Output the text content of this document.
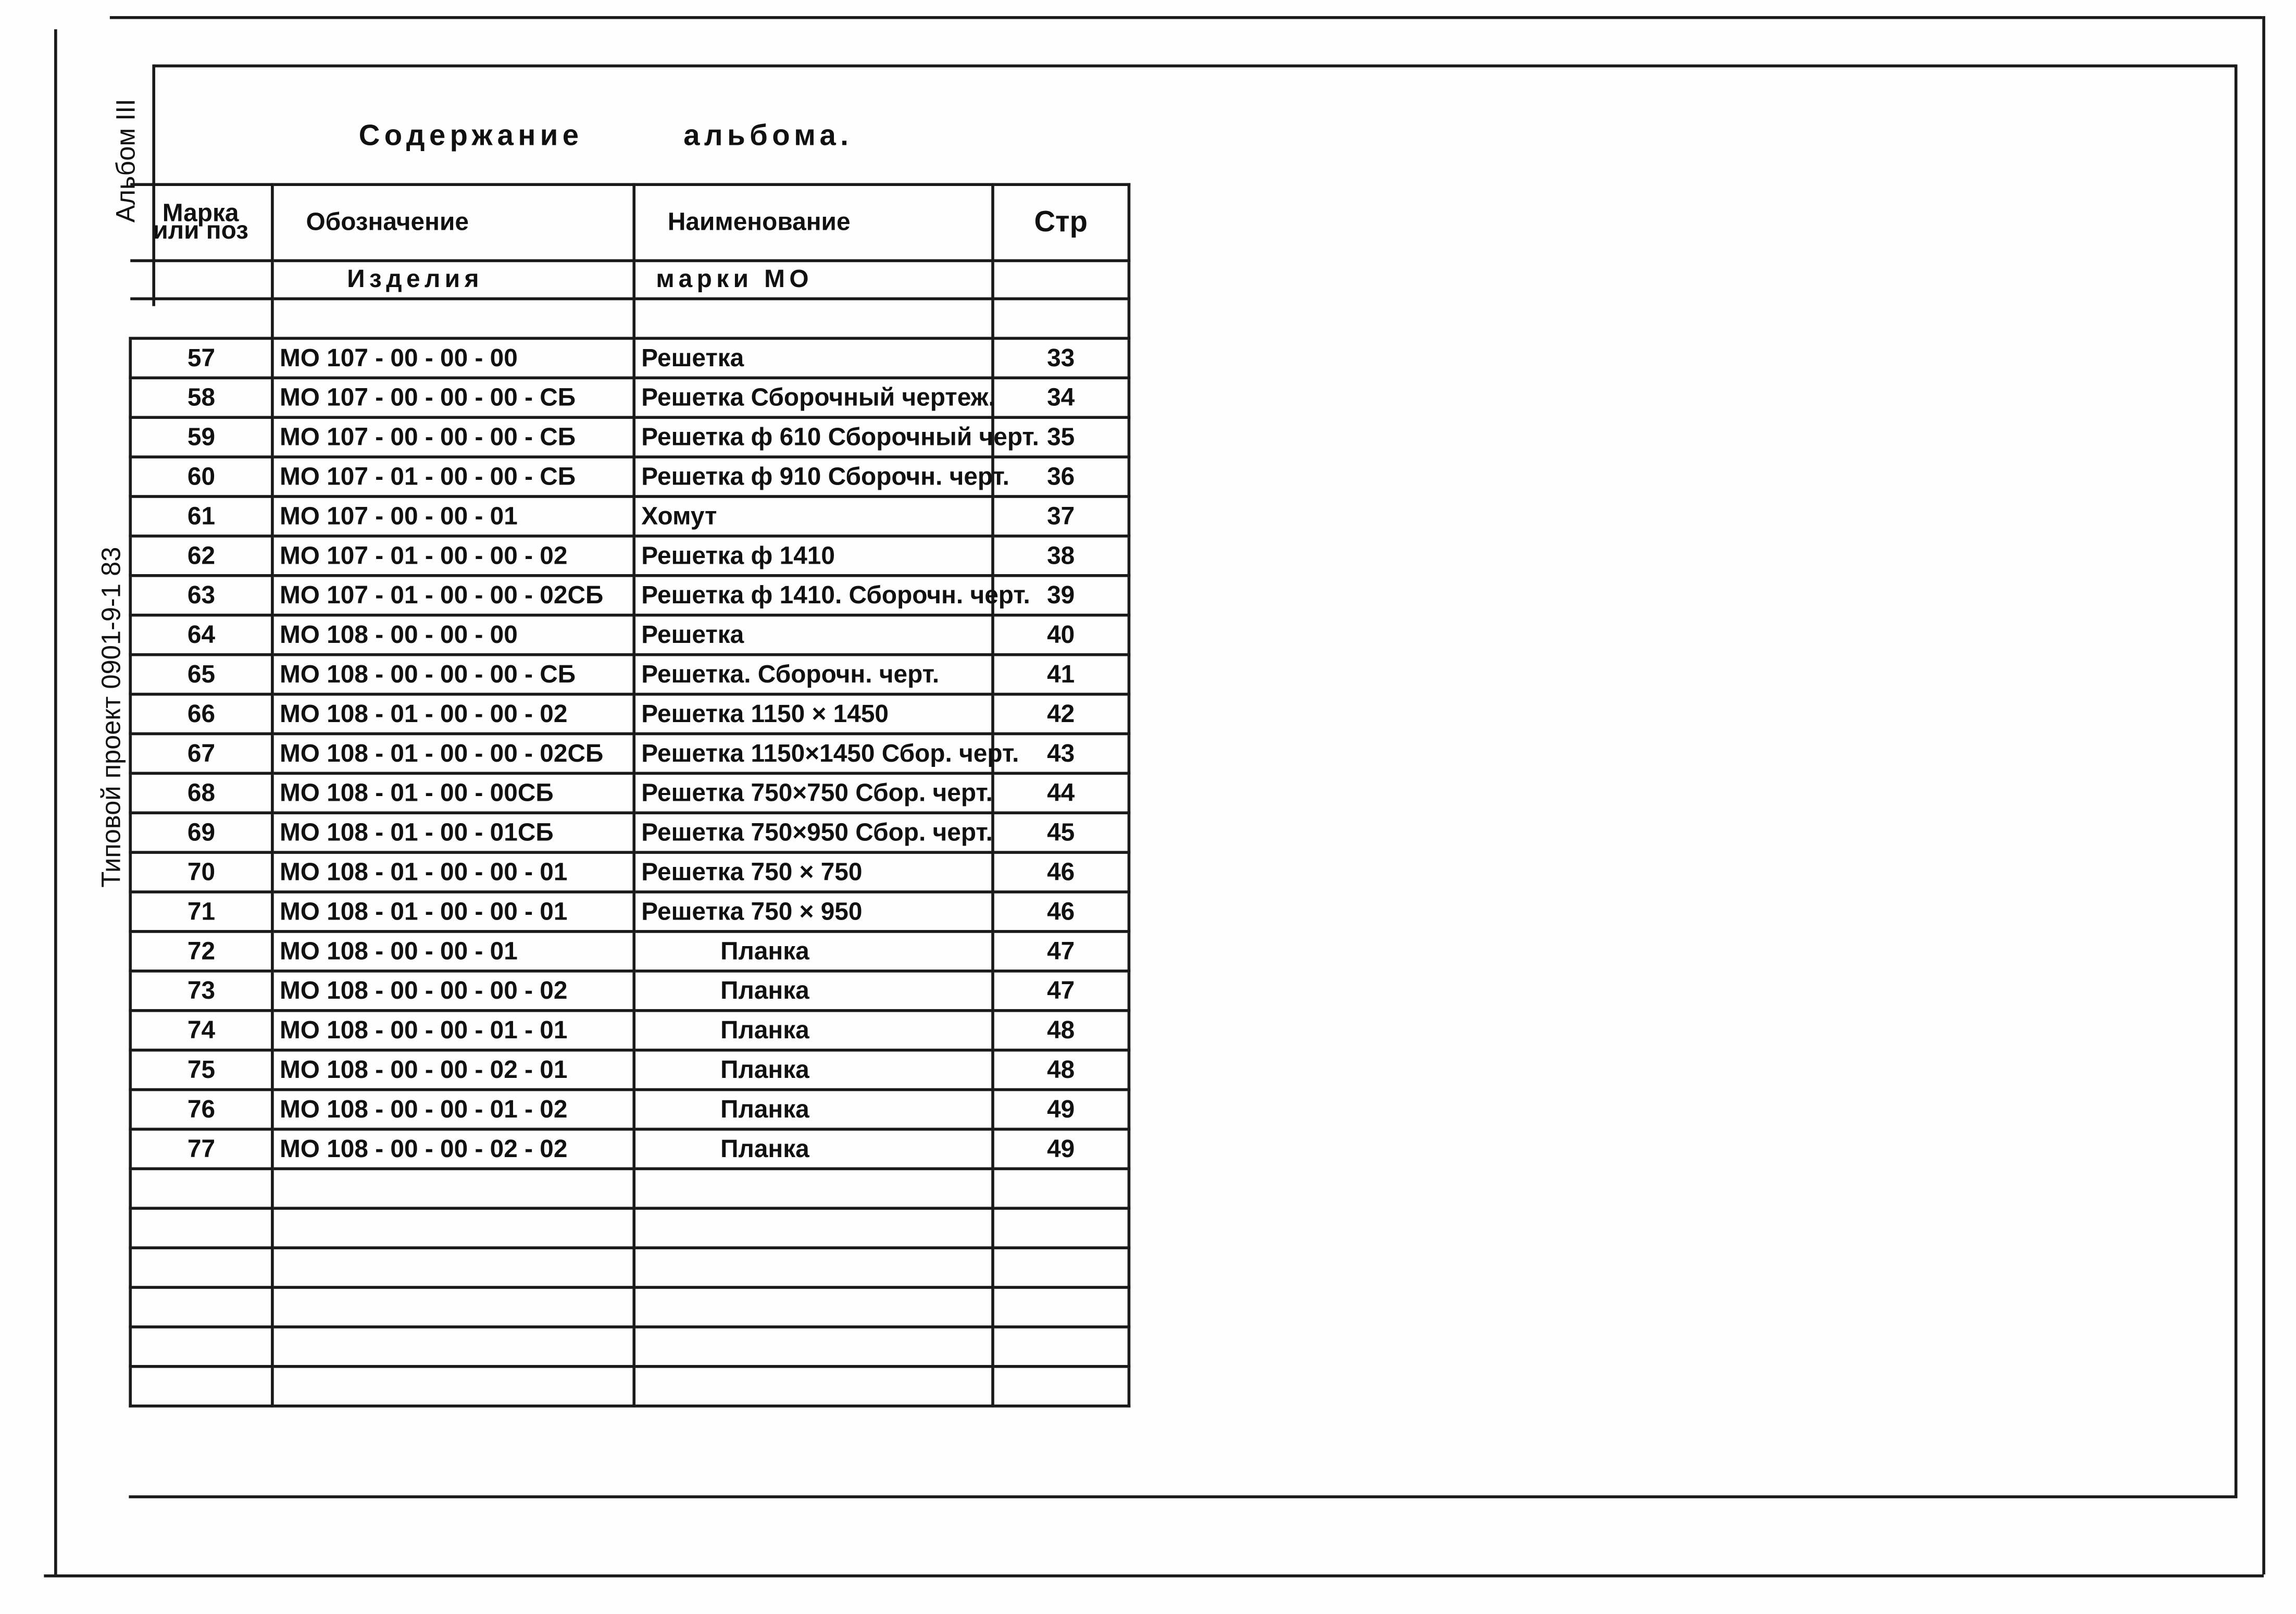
Альбом III
Типовой проект 0901-9-1 83
Содержание	альбома.
Марка или поз	Обозначение	Наименование	Стр
	Изделия	марки МО	

57	МО 107 - 00 - 00 - 00	Решетка	33
58	МО 107 - 00 - 00 - 00 - СБ	Решетка Сборочный чертеж.	34
59	МО 107 - 00 - 00 - 00 - СБ	Решетка ф 610 Сборочный черт.	35
60	МО 107 - 01 - 00 - 00 - СБ	Решетка ф 910 Сборочн. черт.	36
61	МО 107 - 00 - 00 - 01	Хомут	37
62	МО 107 - 01 - 00 - 00 - 02	Решетка ф 1410	38
63	МО 107 - 01 - 00 - 00 - 02СБ	Решетка ф 1410. Сборочн. черт.	39
64	МО 108 - 00 - 00 - 00	Решетка	40
65	МО 108 - 00 - 00 - 00 - СБ	Решетка. Сборочн. черт.	41
66	МО 108 - 01 - 00 - 00 - 02	Решетка 1150 × 1450	42
67	МО 108 - 01 - 00 - 00 - 02СБ	Решетка 1150×1450 Сбор. черт.	43
68	МО 108 - 01 - 00 - 00СБ	Решетка 750×750 Сбор. черт.	44
69	МО 108 - 01 - 00 - 01СБ	Решетка 750×950 Сбор. черт.	45
70	МО 108 - 01 - 00 - 00 - 01	Решетка 750 × 750	46
71	МО 108 - 01 - 00 - 00 - 01	Решетка 750 × 950	46
72	МО 108 - 00 - 00 - 01	Планка	47
73	МО 108 - 00 - 00 - 00 - 02	Планка	47
74	МО 108 - 00 - 00 - 01 - 01	Планка	48
75	МО 108 - 00 - 00 - 02 - 01	Планка	48
76	МО 108 - 00 - 00 - 01 - 02	Планка	49
77	МО 108 - 00 - 00 - 02 - 02	Планка	49
